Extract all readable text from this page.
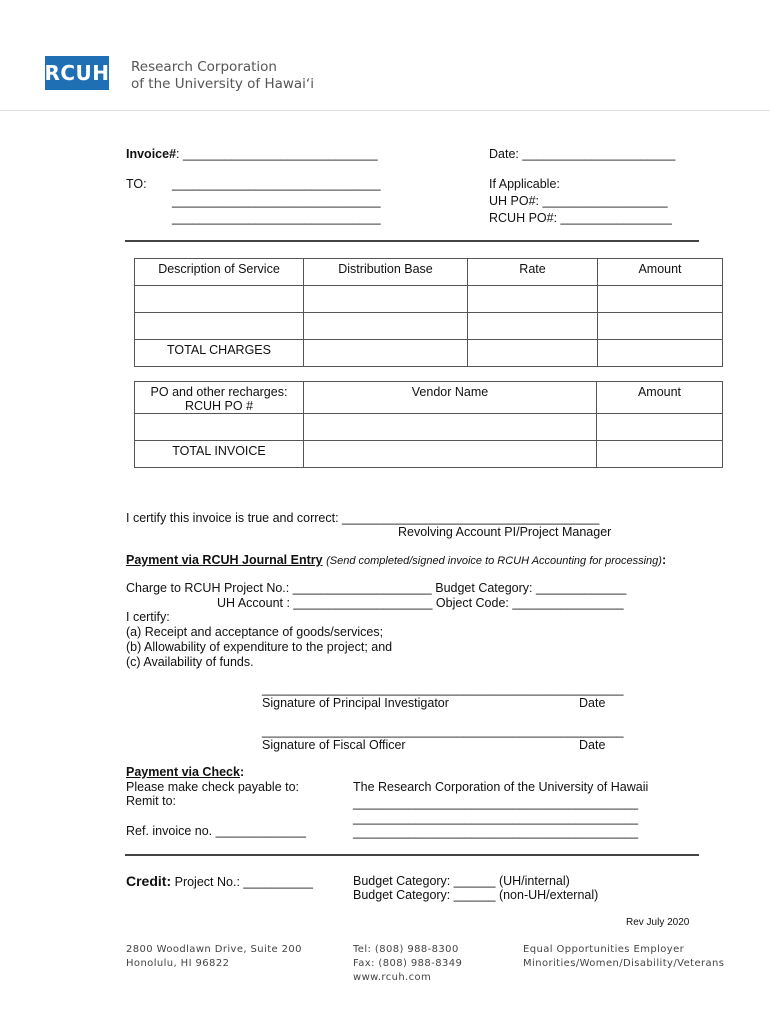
RCUH Research Corporation
of the University of Hawaiʻi
Invoice#: ____________________________	Date: ______________________
TO: ______________________________
______________________________
______________________________
If Applicable:
UH PO#: __________________
RCUH PO#: ________________
Description of Service	Distribution Base	Rate	Amount

TOTAL CHARGES			
PO and other recharges:
RCUH PO #	Vendor Name	Amount

TOTAL INVOICE		
I certify this invoice is true and correct: _____________________________________
Revolving Account PI/Project Manager
Payment via RCUH Journal Entry (Send completed/signed invoice to RCUH Accounting for processing):
Charge to RCUH Project No.: ____________________ Budget Category: _____________
UH Account : ____________________ Object Code: ________________
I certify:
(a) Receipt and acceptance of goods/services;
(b) Allowability of expenditure to the project; and
(c) Availability of funds.
____________________________________________________
Signature of Principal Investigator	Date
____________________________________________________
Signature of Fiscal Officer	Date
Payment via Check:
Please make check payable to:
Remit to:
The Research Corporation of the University of Hawaii
_________________________________________
_________________________________________
_________________________________________
Ref. invoice no. _____________
Credit: Project No.: __________	Budget Category: ______ (UH/internal)
Budget Category: ______ (non-UH/external)
Rev July 2020
2800 Woodlawn Drive, Suite 200
Honolulu, HI 96822
Tel: (808) 988-8300
Fax: (808) 988-8349
www.rcuh.com
Equal Opportunities Employer
Minorities/Women/Disability/Veterans
